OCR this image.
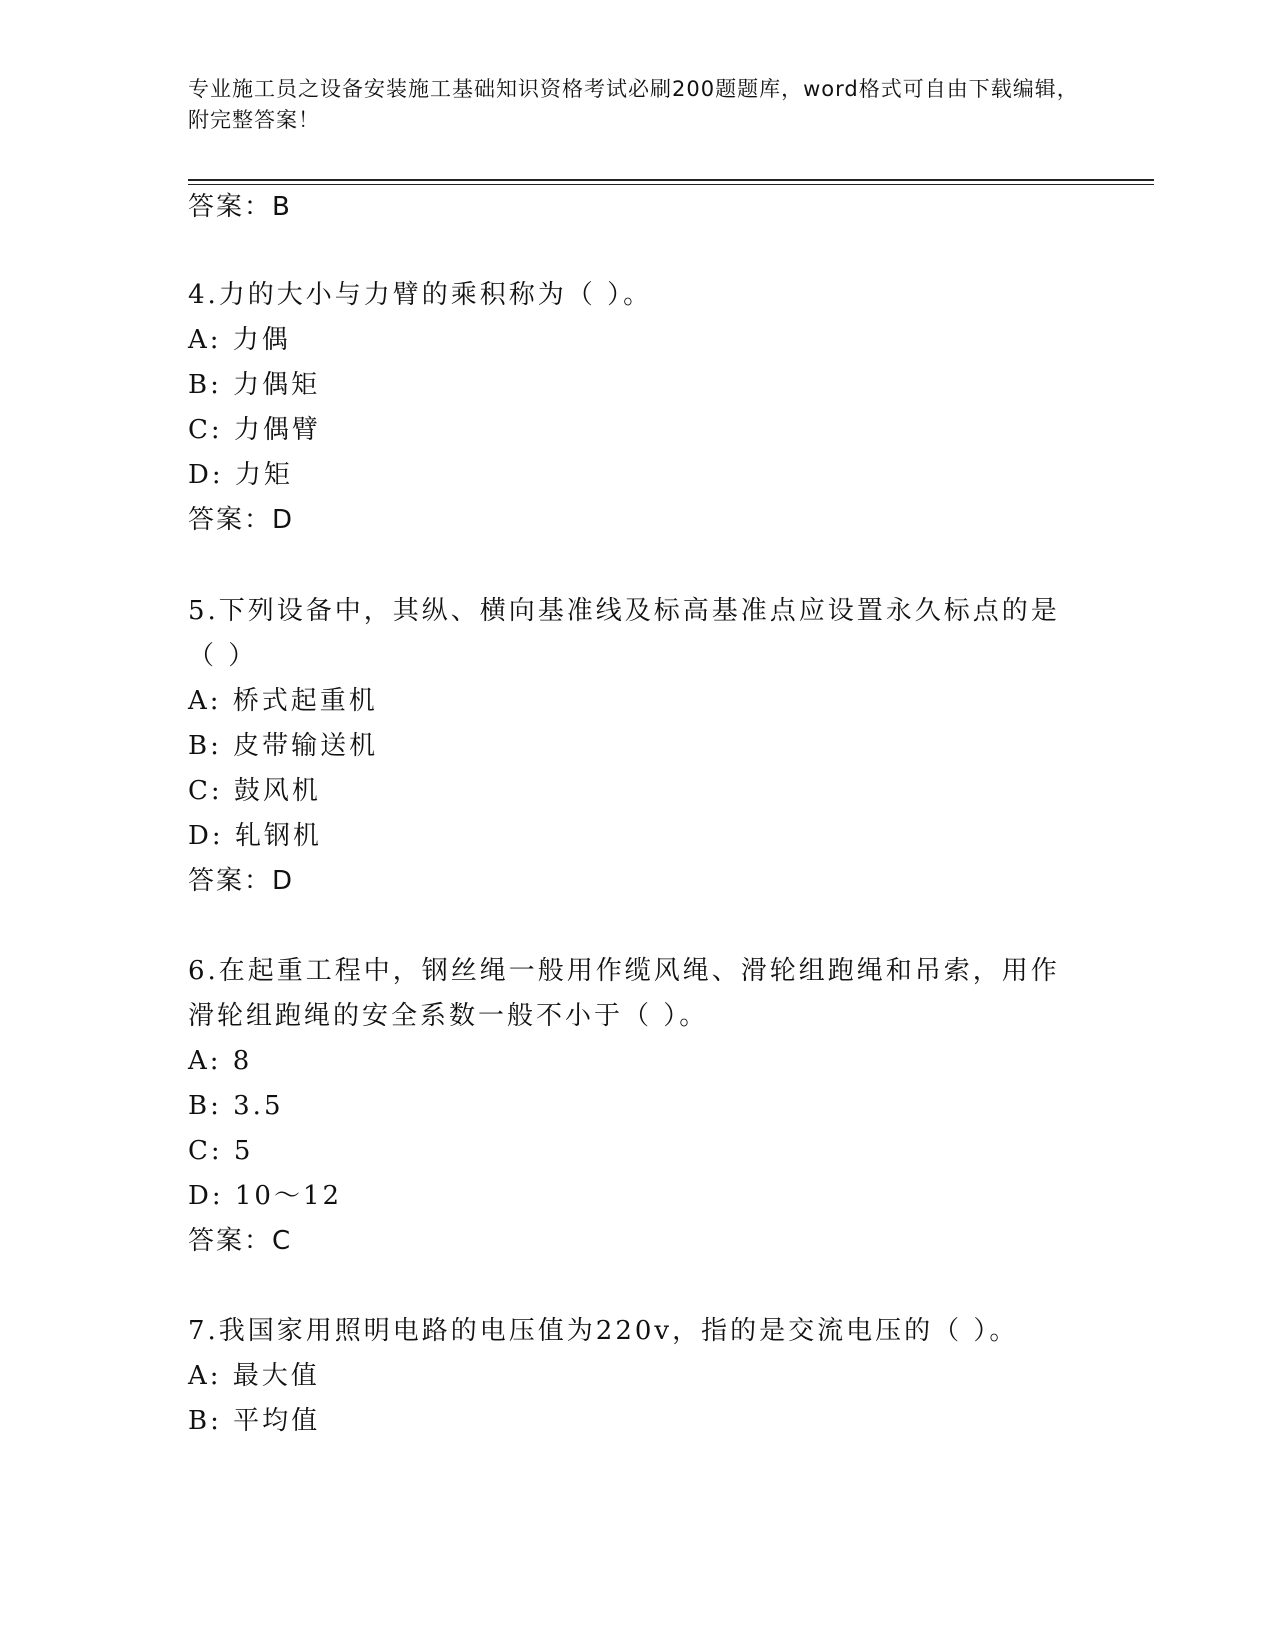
专业施工员之设备安装施工基础知识资格考试必刷200题题库，word格式可自由下载编辑，附完整答案！
答案：B
4.力的大小与力臂的乘积称为（ ）。
A: 力偶
B: 力偶矩
C: 力偶臂
D: 力矩
答案：D
5.下列设备中，其纵、横向基准线及标高基准点应设置永久标点的是
（ ）
A: 桥式起重机
B: 皮带输送机
C: 鼓风机
D: 轧钢机
答案：D
6.在起重工程中，钢丝绳一般用作缆风绳、滑轮组跑绳和吊索，用作
滑轮组跑绳的安全系数一般不小于（ ）。
A: 8
B: 3.5
C: 5
D: 10～12
答案：C
7.我国家用照明电路的电压值为220v，指的是交流电压的（ ）。
A: 最大值
B: 平均值
